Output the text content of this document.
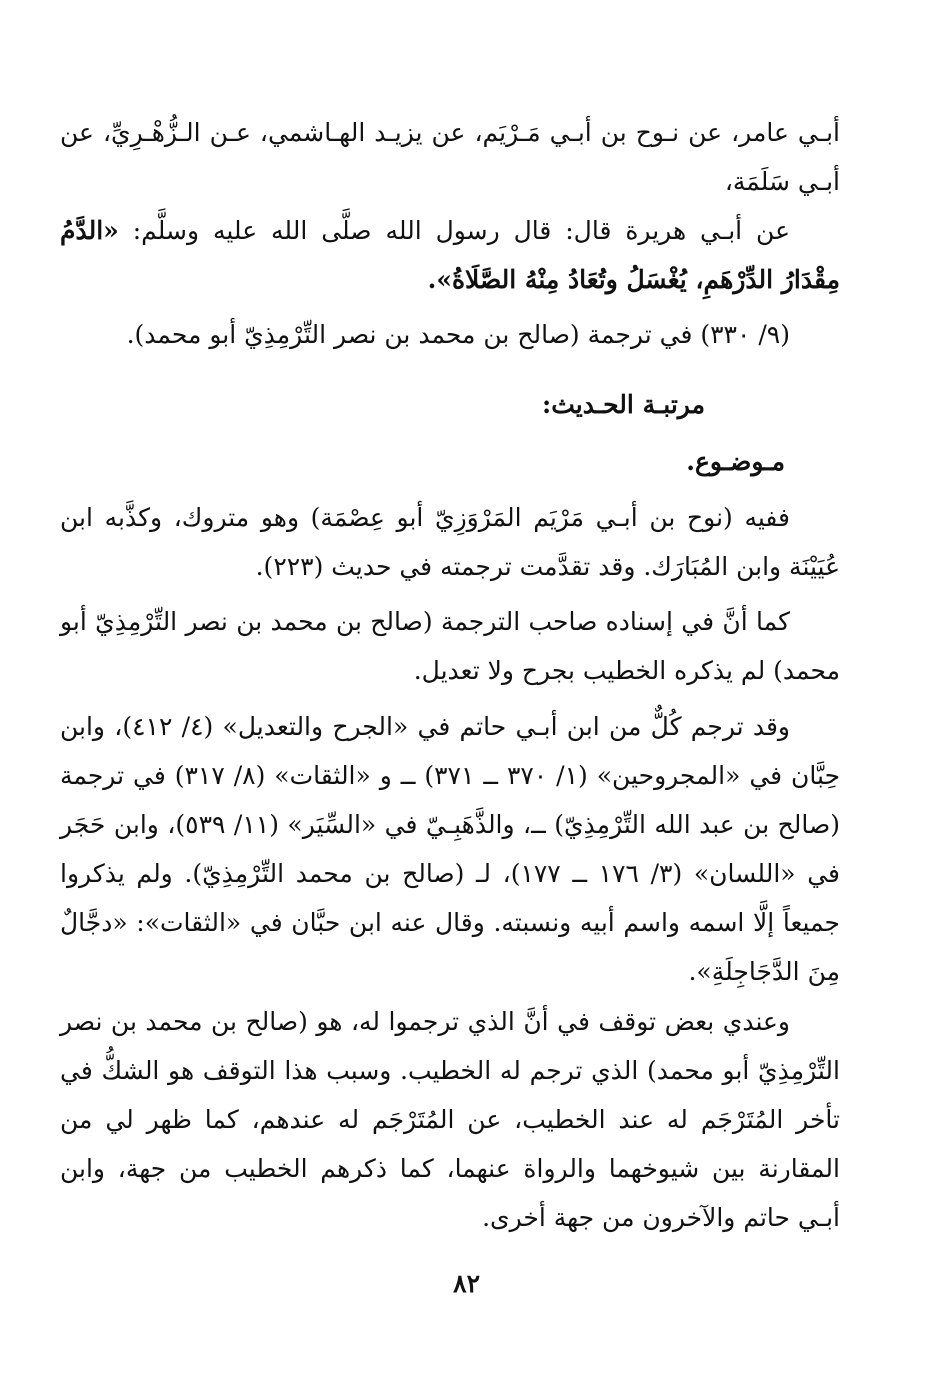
أبـي عامر، عن نـوح بن أبـي مَـرْيَم، عن يزيـد الهـاشمي، عـن الـزُّهْـرِيِّ، عن أبـي سَلَمَة،

عن أبـي هريرة قال: قال رسول الله صلَّى الله عليه وسلَّم: «الدَّمُ مِقْدَارُ الدِّرْهَمِ، يُغْسَلُ وتُعَادُ مِنْهُ الصَّلَاةُ».

(٩/ ٣٣٠) في ترجمة (صالح بن محمد بن نصر التِّرْمِذِيّ أبو محمد).

مرتبـة الحـديث:

مـوضـوع.

ففيه (نوح بن أبـي مَرْيَم المَرْوَزِيّ أبو عِصْمَة) وهو متروك، وكذَّبه ابن عُيَيْنَة وابن المُبَارَك. وقد تقدَّمت ترجمته في حديث (٢٢٣).

كما أنَّ في إسناده صاحب الترجمة (صالح بن محمد بن نصر التِّرْمِذِيّ أبو محمد) لم يذكره الخطيب بجرح ولا تعديل.

وقد ترجم كُلٌّ من ابن أبـي حاتم في «الجرح والتعديل» (٤/ ٤١٢)، وابن حِبَّان في «المجروحين» (١/ ٣٧٠ ــ ٣٧١) ــ و «الثقات» (٨/ ٣١٧) في ترجمة (صالح بن عبد الله التِّرْمِذِيّ) ــ، والذَّهَبِـيّ في «السِّيَر» (١١/ ٥٣٩)، وابن حَجَر في «اللسان» (٣/ ١٧٦ ــ ١٧٧)، لـ (صالح بن محمد التِّرْمِذِيّ). ولم يذكروا جميعاً إلَّا اسمه واسم أبيه ونسبته. وقال عنه ابن حبَّان في «الثقات»: «دجَّالٌ مِنَ الدَّجَاجِلَةِ».

وعندي بعض توقف في أنَّ الذي ترجموا له، هو (صالح بن محمد بن نصر التِّرْمِذِيّ أبو محمد) الذي ترجم له الخطيب. وسبب هذا التوقف هو الشكُّ في تأخر المُتَرْجَم له عند الخطيب، عن المُتَرْجَم له عندهم، كما ظهر لي من المقارنة بين شيوخهما والرواة عنهما، كما ذكرهم الخطيب من جهة، وابن أبـي حاتم والآخرون من جهة أخرى.

٨٢
